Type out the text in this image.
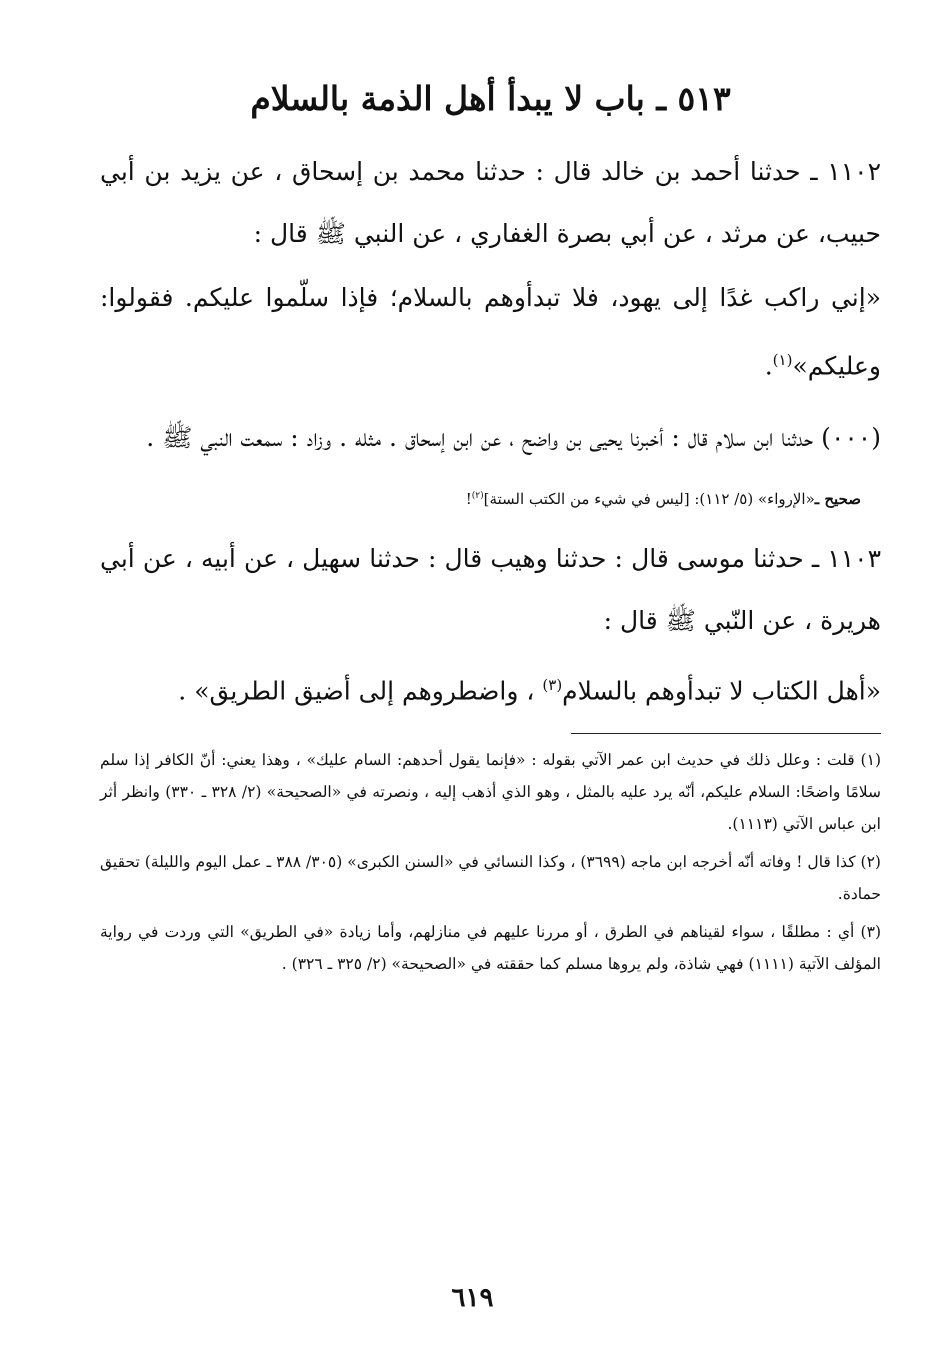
٥١٣ ـ باب لا يبدأ أهل الذمة بالسلام

١١٠٢ ـ حدثنا أحمد بن خالد قال : حدثنا محمد بن إسحاق ، عن يزيد بن أبي حبيب، عن مرثد ، عن أبي بصرة الغفاري ، عن النبي ﷺ قال :

«إني راكب غدًا إلى يهود، فلا تبدأوهم بالسلام؛ فإذا سلّموا عليكم. فقولوا: وعليكم»$^{(١)}$.

(٠٠٠) حدثنا ابن سلام قال : أخبرنا يحيى بن واضح ، عن ابن إسحاق . مثله . وزاد : سمعت النبي ﷺ .

صحيح ـ«الإرواء» (٥/ ١١٢): [ليس في شيء من الكتب الستة]$^{(٢)}$!

١١٠٣ ـ حدثنا موسى قال : حدثنا وهيب قال : حدثنا سهيل ، عن أبيه ، عن أبي هريرة ، عن النّبي ﷺ قال :

«أهل الكتاب لا تبدأوهم بالسلام$^{(٣)}$ ، واضطروهم إلى أضيق الطريق» .

(١) قلت : وعلل ذلك في حديث ابن عمر الآتي بقوله : «فإنما يقول أحدهم: السام عليك» ، وهذا يعني: أنّ الكافر إذا سلم سلامًا واضحًا: السلام عليكم، أنّه يرد عليه بالمثل ، وهو الذي أذهب إليه ، ونصرته في «الصحيحة» (٢/ ٣٢٨ ـ ٣٣٠) وانظر أثر ابن عباس الآتي (١١١٣).

(٢) كذا قال ! وفاته أنّه أخرجه ابن ماجه (٣٦٩٩) ، وكذا النسائي في «السنن الكبرى» (٣٠٥/ ٣٨٨ ـ عمل اليوم والليلة) تحقيق حمادة.

(٣) أي : مطلقًا ، سواء لقيناهم في الطرق ، أو مررنا عليهم في منازلهم، وأما زيادة «في الطريق» التي وردت في رواية المؤلف الآتية (١١١١) فهي شاذة، ولم يروها مسلم كما حققته في «الصحيحة» (٢/ ٣٢٥ ـ ٣٢٦) .

٦١٩
